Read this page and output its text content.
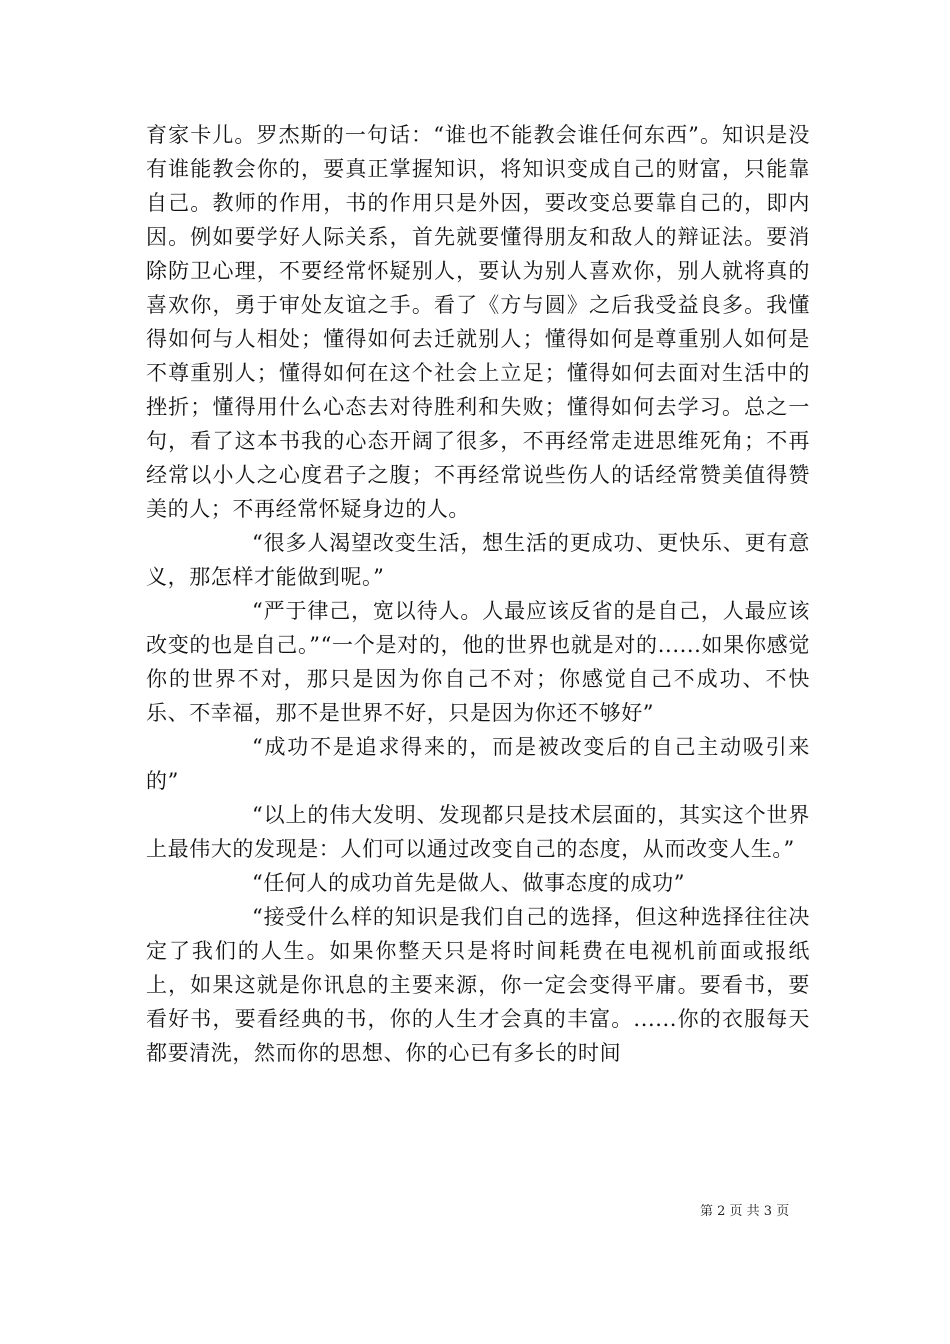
育家卡儿。罗杰斯的一句话：“谁也不能教会谁任何东西”。知识是没有谁能教会你的，要真正掌握知识，将知识变成自己的财富，只能靠自己。教师的作用，书的作用只是外因，要改变总要靠自己的，即内因。例如要学好人际关系，首先就要懂得朋友和敌人的辩证法。要消除防卫心理，不要经常怀疑别人，要认为别人喜欢你，别人就将真的喜欢你，勇于审处友谊之手。看了《方与圆》之后我受益良多。我懂得如何与人相处；懂得如何去迁就别人；懂得如何是尊重别人如何是不尊重别人；懂得如何在这个社会上立足；懂得如何去面对生活中的挫折；懂得用什么心态去对待胜利和失败；懂得如何去学习。总之一句，看了这本书我的心态开阔了很多，不再经常走进思维死角；不再经常以小人之心度君子之腹；不再经常说些伤人的话经常赞美值得赞美的人；不再经常怀疑身边的人。

“很多人渴望改变生活，想生活的更成功、更快乐、更有意义，那怎样才能做到呢。”

“严于律己，宽以待人。人最应该反省的是自己，人最应该改变的也是自己。”“一个是对的，他的世界也就是对的......如果你感觉你的世界不对，那只是因为你自己不对；你感觉自己不成功、不快乐、不幸福，那不是世界不好，只是因为你还不够好”

“成功不是追求得来的，而是被改变后的自己主动吸引来的”

“以上的伟大发明、发现都只是技术层面的，其实这个世界上最伟大的发现是：人们可以通过改变自己的态度，从而改变人生。”

“任何人的成功首先是做人、做事态度的成功”

“接受什么样的知识是我们自己的选择，但这种选择往往决定了我们的人生。如果你整天只是将时间耗费在电视机前面或报纸上，如果这就是你讯息的主要来源，你一定会变得平庸。要看书，要看好书，要看经典的书，你的人生才会真的丰富。......你的衣服每天都要清洗，然而你的思想、你的心已有多长的时间

第 2 页 共 3 页
